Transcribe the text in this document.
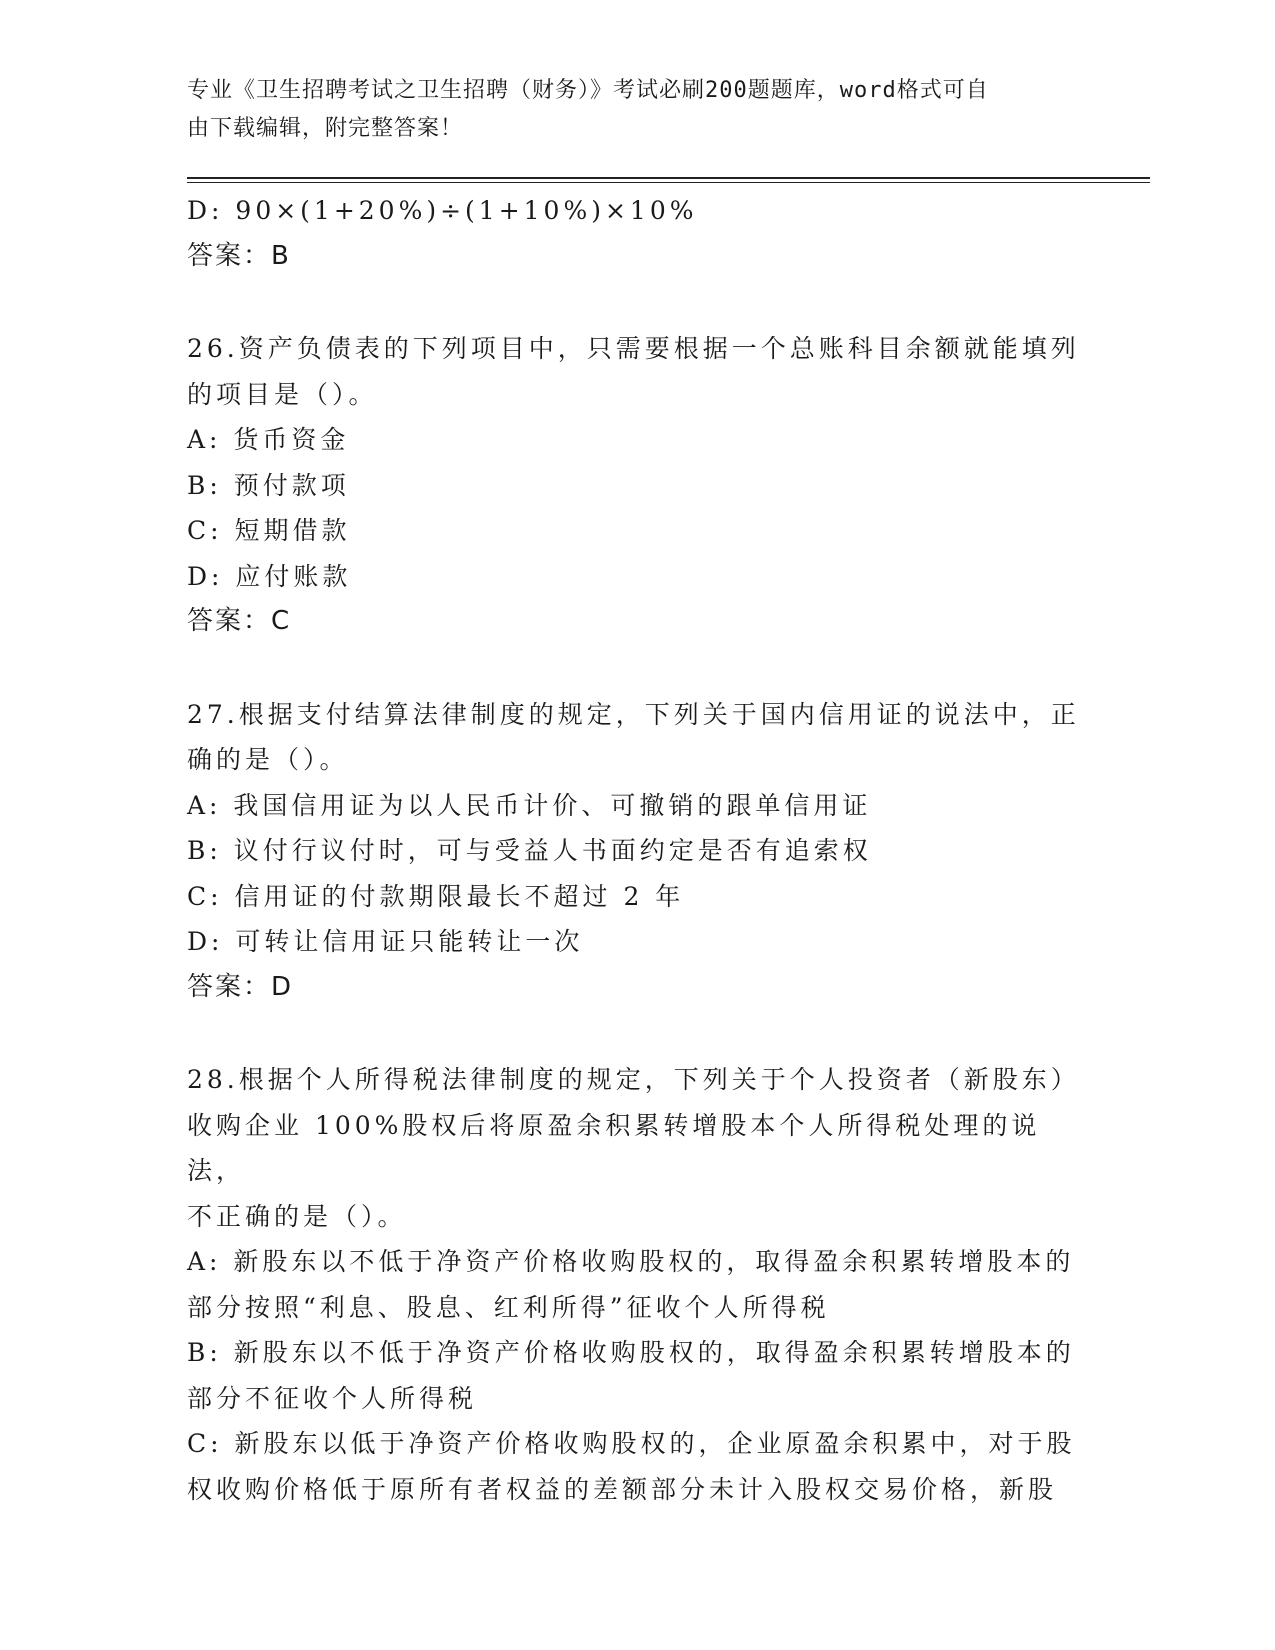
专业《卫生招聘考试之卫生招聘（财务）》考试必刷200题题库，word格式可自
由下载编辑，附完整答案！
D: 90×(1+20%)÷(1+10%)×10%
答案：B
26.资产负债表的下列项目中，只需要根据一个总账科目余额就能填列
的项目是（）。
A: 货币资金
B: 预付款项
C: 短期借款
D: 应付账款
答案：C
27.根据支付结算法律制度的规定，下列关于国内信用证的说法中，正
确的是（）。
A: 我国信用证为以人民币计价、可撤销的跟单信用证
B: 议付行议付时，可与受益人书面约定是否有追索权
C: 信用证的付款期限最长不超过 2 年
D: 可转让信用证只能转让一次
答案：D
28.根据个人所得税法律制度的规定，下列关于个人投资者（新股东）
收购企业 100%股权后将原盈余积累转增股本个人所得税处理的说法，
不正确的是（）。
A: 新股东以不低于净资产价格收购股权的，取得盈余积累转增股本的
部分按照“利息、股息、红利所得”征收个人所得税
B: 新股东以不低于净资产价格收购股权的，取得盈余积累转增股本的
部分不征收个人所得税
C: 新股东以低于净资产价格收购股权的，企业原盈余积累中，对于股
权收购价格低于原所有者权益的差额部分未计入股权交易价格，新股
